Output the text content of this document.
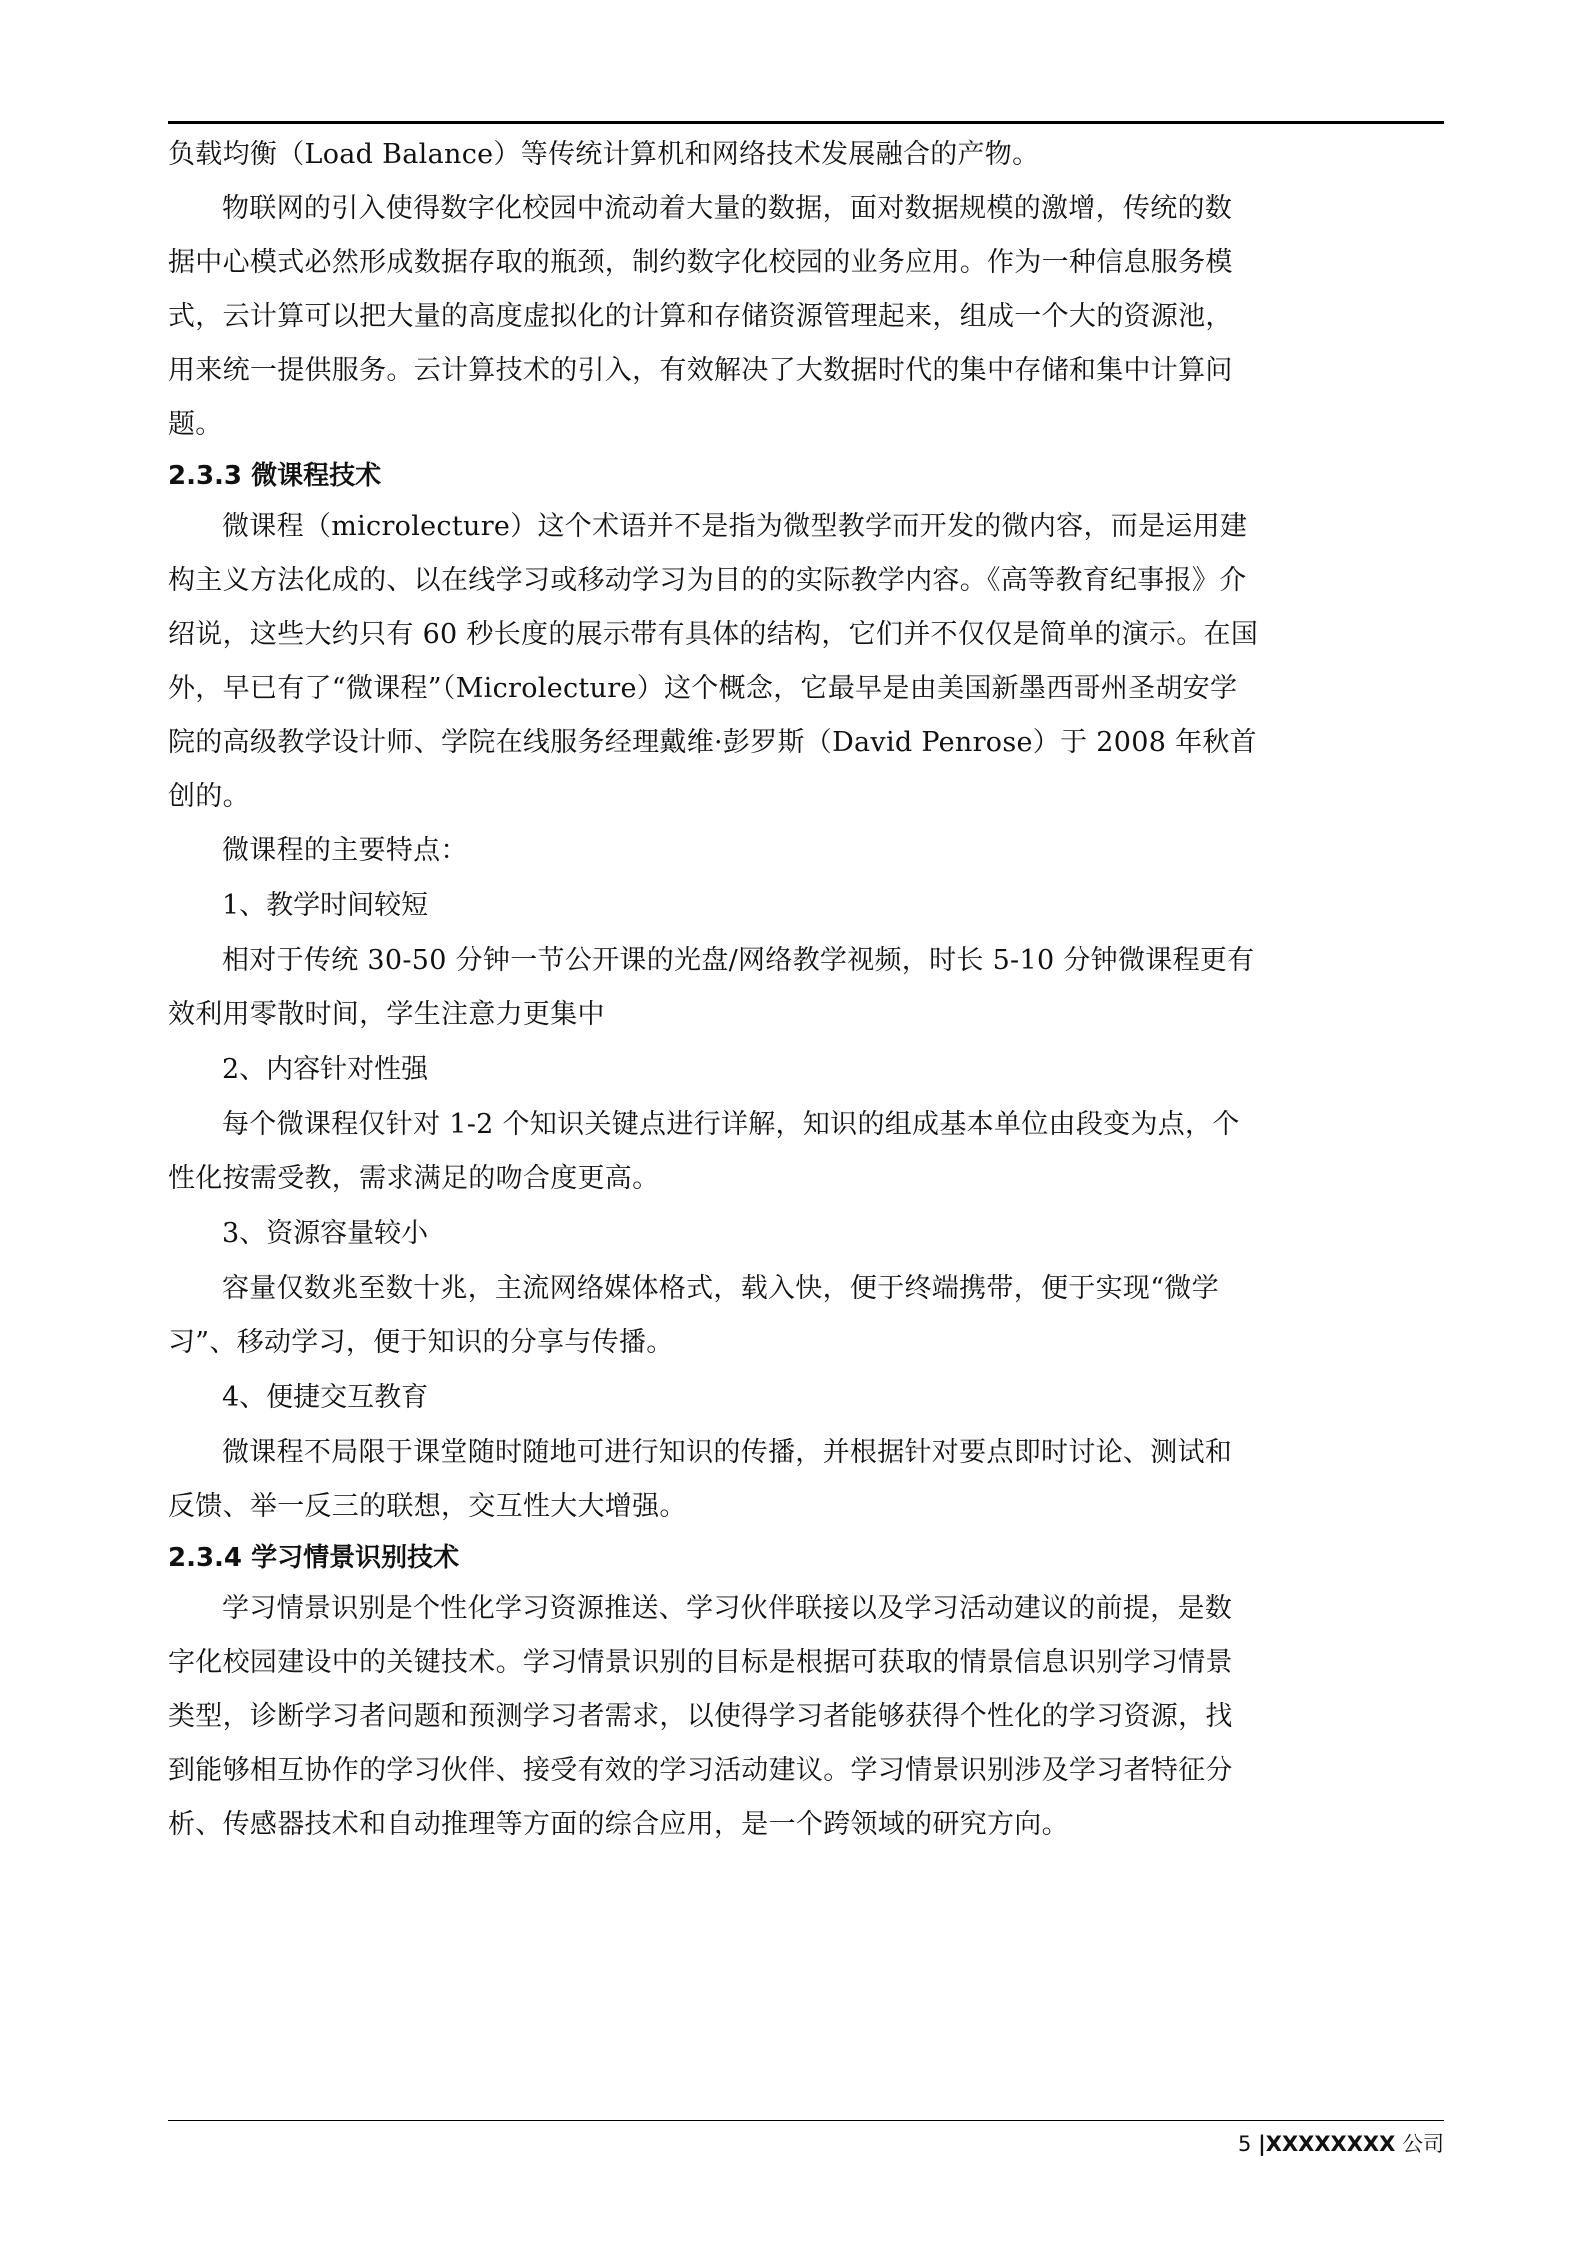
负载均衡（Load Balance）等传统计算机和网络技术发展融合的产物。
物联网的引入使得数字化校园中流动着大量的数据，面对数据规模的激增，传统的数
据中心模式必然形成数据存取的瓶颈，制约数字化校园的业务应用。作为一种信息服务模
式，云计算可以把大量的高度虚拟化的计算和存储资源管理起来，组成一个大的资源池，
用来统一提供服务。云计算技术的引入，有效解决了大数据时代的集中存储和集中计算问
题。
2.3.3 微课程技术
微课程（microlecture）这个术语并不是指为微型教学而开发的微内容，而是运用建
构主义方法化成的、以在线学习或移动学习为目的的实际教学内容。《高等教育纪事报》介
绍说，这些大约只有 60 秒长度的展示带有具体的结构，它们并不仅仅是简单的演示。在国
外，早已有了“微课程”（Microlecture）这个概念，它最早是由美国新墨西哥州圣胡安学
院的高级教学设计师、学院在线服务经理戴维·彭罗斯（David Penrose）于 2008 年秋首
创的。
微课程的主要特点：
1、教学时间较短
相对于传统 30-50 分钟一节公开课的光盘/网络教学视频，时长 5-10 分钟微课程更有
效利用零散时间，学生注意力更集中
2、内容针对性强
每个微课程仅针对 1-2 个知识关键点进行详解，知识的组成基本单位由段变为点，个
性化按需受教，需求满足的吻合度更高。
3、资源容量较小
容量仅数兆至数十兆，主流网络媒体格式，载入快，便于终端携带，便于实现“微学
习”、移动学习，便于知识的分享与传播。
4、便捷交互教育
微课程不局限于课堂随时随地可进行知识的传播，并根据针对要点即时讨论、测试和
反馈、举一反三的联想，交互性大大增强。
2.3.4 学习情景识别技术
学习情景识别是个性化学习资源推送、学习伙伴联接以及学习活动建议的前提，是数
字化校园建设中的关键技术。学习情景识别的目标是根据可获取的情景信息识别学习情景
类型，诊断学习者问题和预测学习者需求，以使得学习者能够获得个性化的学习资源，找
到能够相互协作的学习伙伴、接受有效的学习活动建议。学习情景识别涉及学习者特征分
析、传感器技术和自动推理等方面的综合应用，是一个跨领域的研究方向。
5 |XXXXXXXX 公司
